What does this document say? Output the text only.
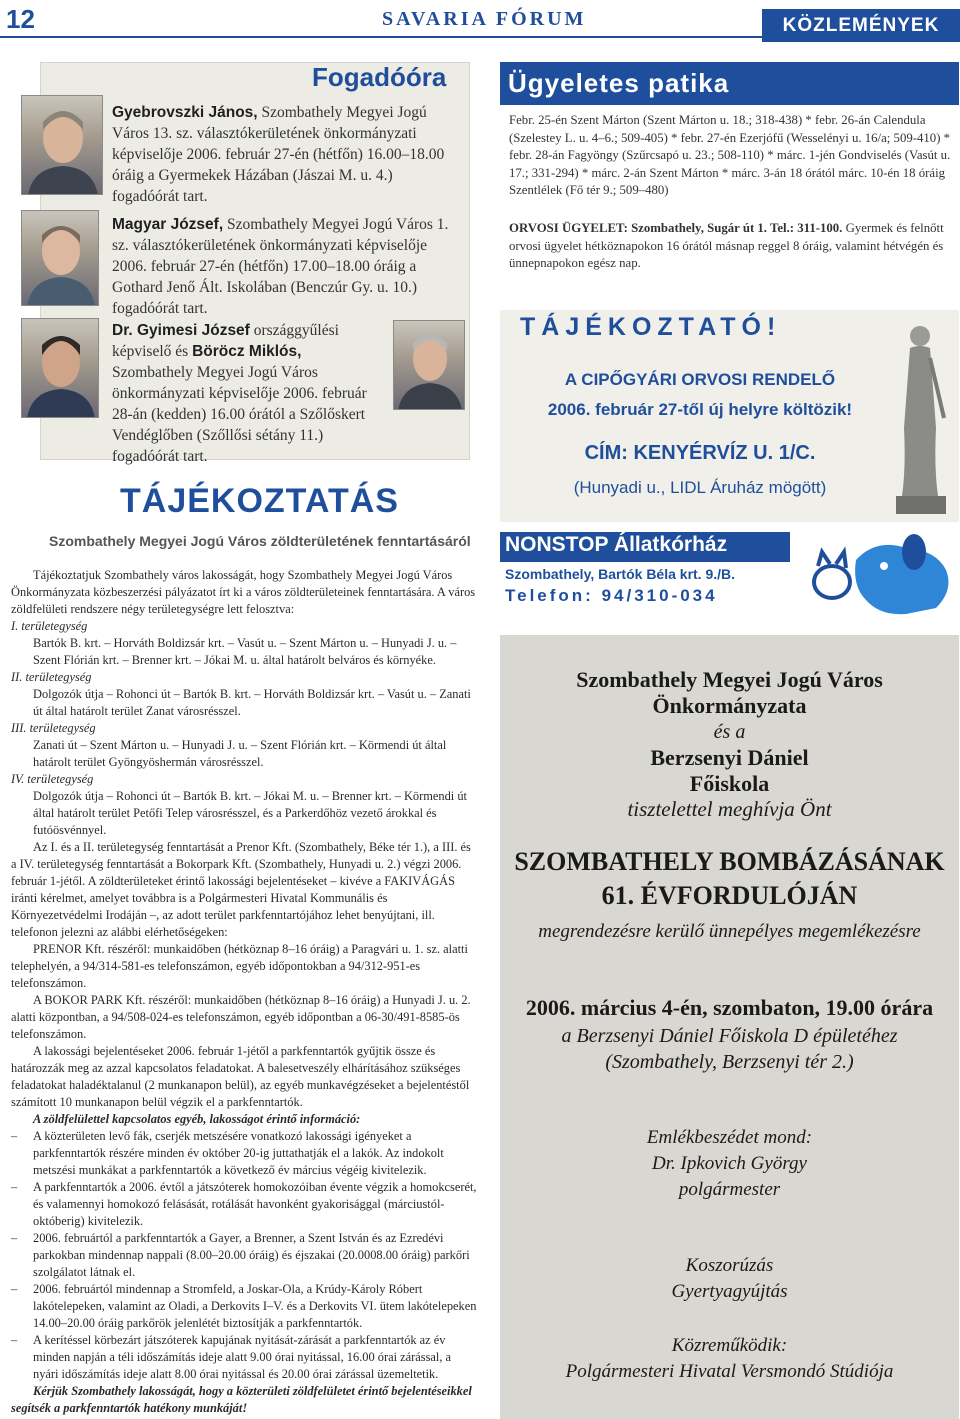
12	SAVARIA FÓRUM	KÖZLEMÉNYEK
Fogadóóra
Gyebrovszki János, Szombathely Megyei Jogú Város 13. sz. választókerületének önkormányzati képviselője 2006. február 27-én (hétfőn) 16.00–18.00 óráig a Gyermekek Házában (Jászai M. u. 4.) fogadóórát tart.
Magyar József, Szombathely Megyei Jogú Város 1. sz. választókerületének önkormányzati képviselője 2006. február 27-én (hétfőn) 17.00–18.00 óráig a Gothard Jenő Ált. Iskolában (Benczúr Gy. u. 10.) fogadóórát tart.
Dr. Gyimesi József országgyűlési képviselő és Böröcz Miklós, Szombathely Megyei Jogú Város önkormányzati képviselője 2006. február 28-án (kedden) 16.00 órától a Szőlőskert Vendéglőben (Szőllősi sétány 11.) fogadóórát tart.
TÁJÉKOZTATÁS
Szombathely Megyei Jogú Város zöldterületének fenntartásáról

Tájékoztatjuk Szombathely város lakosságát, hogy Szombathely Megyei Jogú Város Önkormányzata közbeszerzési pályázatot írt ki a város zöldterületeinek fenntartására. A város zöldfelületi rendszere négy területegységre lett felosztva:

I. területegység

Bartók B. krt. – Horváth Boldizsár krt. – Vasút u. – Szent Márton u. – Hunyadi J. u. – Szent Flórián krt. – Brenner krt. – Jókai M. u. által határolt belváros és környéke.

II. területegység

Dolgozók útja – Rohonci út – Bartók B. krt. – Horváth Boldizsár krt. – Vasút u. – Zanati út által határolt terület Zanat városrésszel.

III. területegység

Zanati út – Szent Márton u. – Hunyadi J. u. – Szent Flórián krt. – Körmendi út által határolt terület Gyöngyöshermán városrésszel.

IV. területegység

Dolgozók útja – Rohonci út – Bartók B. krt. – Jókai M. u. – Brenner krt. – Körmendi út által határolt terület Petőfi Telep városrésszel, és a Parkerdőhöz vezető árokkal és futóösvénnyel.

Az I. és a II. területegység fenntartását a Prenor Kft. (Szombathely, Béke tér 1.), a III. és a IV. területegység fenntartását a Bokorpark Kft. (Szombathely, Hunyadi u. 2.) végzi 2006. február 1-jétől. A zöldterületeket érintő lakossági bejelentéseket – kivéve a FAKIVÁGÁS iránti kérelmet, amelyet továbbra is a Polgármesteri Hivatal Kommunális és Környezetvédelmi Irodáján –, az adott terület parkfenntartójához lehet benyújtani, ill. telefonon jelezni az alábbi elérhetőségeken:

PRENOR Kft. részéről: munkaidőben (hétköznap 8–16 óráig) a Paragvári u. 1. sz. alatti telephelyén, a 94/314-581-es telefonszámon, egyéb időpontokban a 94/312-951-es telefonszámon.

A BOKOR PARK Kft. részéről: munkaidőben (hétköznap 8–16 óráig) a Hunyadi J. u. 2. alatti központban, a 94/508-024-es telefonszámon, egyéb időpontban a 06-30/491-8585-ös telefonszámon.

A lakossági bejelentéseket 2006. február 1-jétől a parkfenntartók gyűjtik össze és határozzák meg az azzal kapcsolatos feladatokat. A balesetveszély elhárításához szükséges feladatokat haladéktalanul (2 munkanapon belül), az egyéb munkavégzéseket a bejelentéstől számított 10 munkanapon belül végzik el a parkfenntartók.

A zöldfelülettel kapcsolatos egyéb, lakosságot érintő információ:

– A közterületen levő fák, cserjék metszésére vonatkozó lakossági igényeket a parkfenntartók részére minden év október 20-ig juttathatják el a lakók. Az indokolt metszési munkákat a parkfenntartók a következő év március végéig kivitelezik.

– A parkfenntartók a 2006. évtől a játszóterek homokozóiban évente végzik a homokcserét, és valamennyi homokozó felásását, rotálását havonként gyakorisággal (márciustól-októberig) kivitelezik.

– 2006. februártól a parkfenntartók a Gayer, a Brenner, a Szent István és az Ezredévi parkokban mindennap nappali (8.00–20.00 óráig) és éjszakai (20.0008.00 óráig) parkőri szolgálatot látnak el.

– 2006. februártól mindennap a Stromfeld, a Joskar-Ola, a Krúdy-Károly Róbert lakótelepeken, valamint az Oladi, a Derkovits I–V. és a Derkovits VI. ütem lakótelepeken 14.00–20.00 óráig parkőrök jelenlétét biztosítják a parkfenntartók.

– A kerítéssel körbezárt játszóterek kapujának nyitását-zárását a parkfenntartók az év minden napján a téli időszámítás ideje alatt 9.00 órai nyitással, 16.00 órai zárással, a nyári időszámítás ideje alatt 8.00 órai nyitással és 20.00 órai zárással üzemeltetik.

Kérjük Szombathely lakosságát, hogy a közterületi zöldfelületet érintő bejelentéseikkel segítsék a parkfenntartók hatékony munkáját!

Ügyeletes patika
Febr. 25-én Szent Márton (Szent Márton u. 18.; 318-438) * febr. 26-án Calendula (Szelestey L. u. 4–6.; 509-405) * febr. 27-én Ezerjófű (Wesselényi u. 16/a; 509-410) * febr. 28-án Fagyöngy (Szűrcsapó u. 23.; 508-110) * márc. 1-jén Gondviselés (Vasút u. 17.; 331-294) * márc. 2-án Szent Márton * márc. 3-án 18 órától márc. 10-én 18 óráig Szentlélek (Fő tér 9.; 509–480)
ORVOSI ÜGYELET: Szombathely, Sugár út 1. Tel.: 311-100. Gyermek és felnőtt orvosi ügyelet hétköznapokon 16 órától másnap reggel 8 óráig, valamint hétvégén és ünnepnapokon egész nap.
TÁJÉKOZTATÓ!
A CIPŐGYÁRI ORVOSI RENDELŐ
2006. február 27-től új helyre költözik!
CÍM: KENYÉRVÍZ U. 1/C.
(Hunyadi u., LIDL Áruház mögött)
NONSTOP Állatkórház
Szombathely, Bartók Béla krt. 9./B.
Telefon: 94/310-034
Szombathely Megyei Jogú Város
Önkormányzata
és a
Berzsenyi Dániel
Főiskola
tisztelettel meghívja Önt
SZOMBATHELY BOMBÁZÁSÁNAK
61. ÉVFORDULÓJÁN
megrendezésre kerülő ünnepélyes megemlékezésre
2006. március 4-én, szombaton, 19.00 órára
a Berzsenyi Dániel Főiskola D épületéhez
(Szombathely, Berzsenyi tér 2.)
Emlékbeszédet mond:
Dr. Ipkovich György
polgármester
Koszorúzás
Gyertyagyújtás
Közreműködik:
Polgármesteri Hivatal Versmondó Stúdiója
